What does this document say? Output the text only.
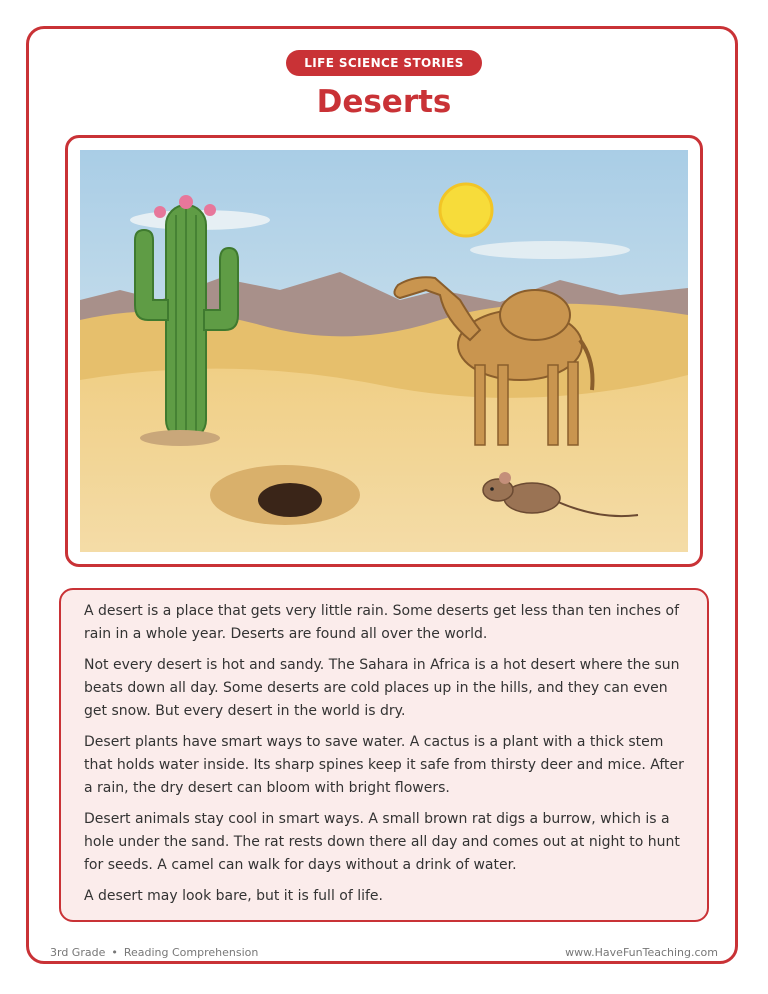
LIFE SCIENCE STORIES
Deserts

A desert is a place that gets very little rain. Some deserts get less than ten inches of rain in a whole year. Deserts are found all over the world.

Not every desert is hot and sandy. The Sahara in Africa is a hot desert where the sun beats down all day. Some deserts are cold places up in the hills, and they can even get snow. But every desert in the world is dry.

Desert plants have smart ways to save water. A cactus is a plant with a thick stem that holds water inside. Its sharp spines keep it safe from thirsty deer and mice. After a rain, the dry desert can bloom with bright flowers.

Desert animals stay cool in smart ways. A small brown rat digs a burrow, which is a hole under the sand. The rat rests down there all day and comes out at night to hunt for seeds. A camel can walk for days without a drink of water.

A desert may look bare, but it is full of life.

3rd Grade • Reading Comprehension	www.HaveFunTeaching.com
